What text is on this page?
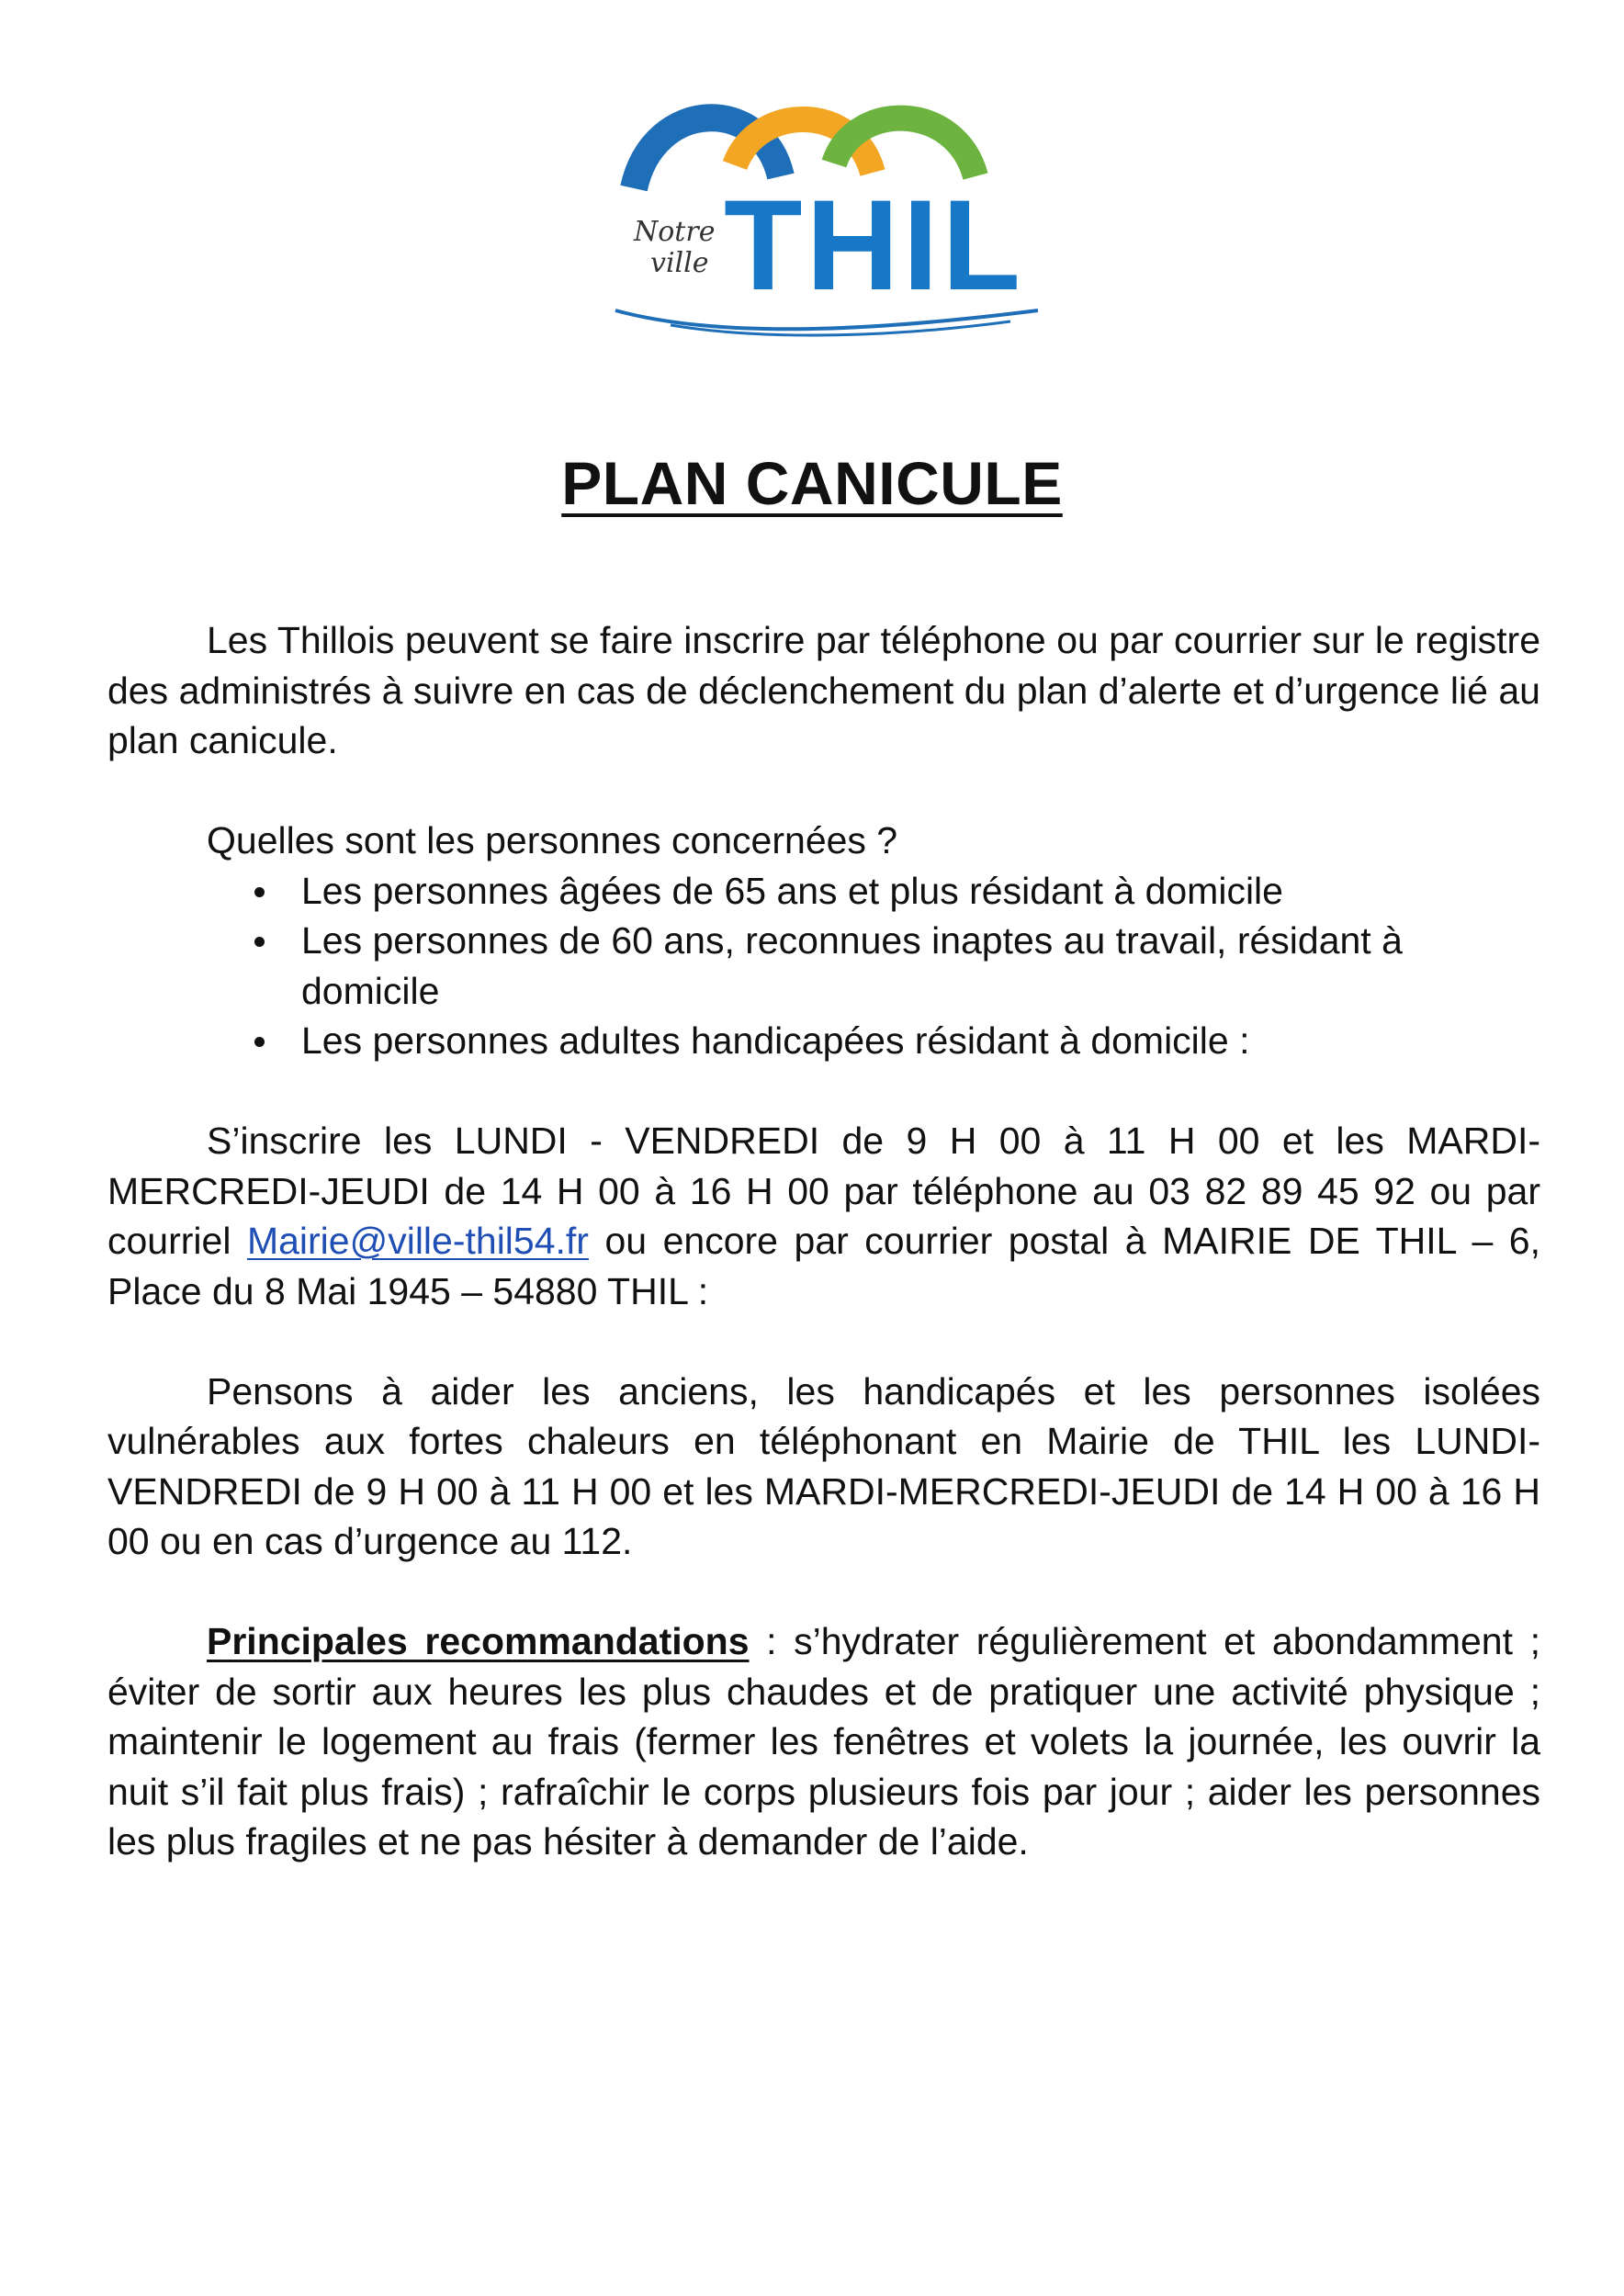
THIL
Notre
ville
PLAN CANICULE

Les Thillois peuvent se faire inscrire par téléphone ou par courrier sur le registre des administrés à suivre en cas de déclenchement du plan d’alerte et d’urgence lié au plan canicule.

Quelles sont les personnes concernées ?

Les personnes âgées de 65 ans et plus résidant à domicile
Les personnes de 60 ans, reconnues inaptes au travail, résidant à domicile
Les personnes adultes handicapées résidant à domicile :

S’inscrire les LUNDI - VENDREDI de 9 H 00 à 11 H 00 et les MARDI-MERCREDI-JEUDI de 14 H 00 à 16 H 00 par téléphone au 03 82 89 45 92 ou par courriel Mairie@ville-thil54.fr ou encore par courrier postal à MAIRIE DE THIL – 6, Place du 8 Mai 1945 – 54880 THIL :

Pensons à aider les anciens, les handicapés et les personnes isolées vulnérables aux fortes chaleurs en téléphonant en Mairie de THIL les LUNDI-VENDREDI de 9 H 00 à 11 H 00 et les MARDI-MERCREDI-JEUDI de 14 H 00 à 16 H 00 ou en cas d’urgence au 112.

Principales recommandations : s’hydrater régulièrement et abondamment ; éviter de sortir aux heures les plus chaudes et de pratiquer une activité physique ; maintenir le logement au frais (fermer les fenêtres et volets la journée, les ouvrir la nuit s’il fait plus frais) ; rafraîchir le corps plusieurs fois par jour ; aider les personnes les plus fragiles et ne pas hésiter à demander de l’aide.
